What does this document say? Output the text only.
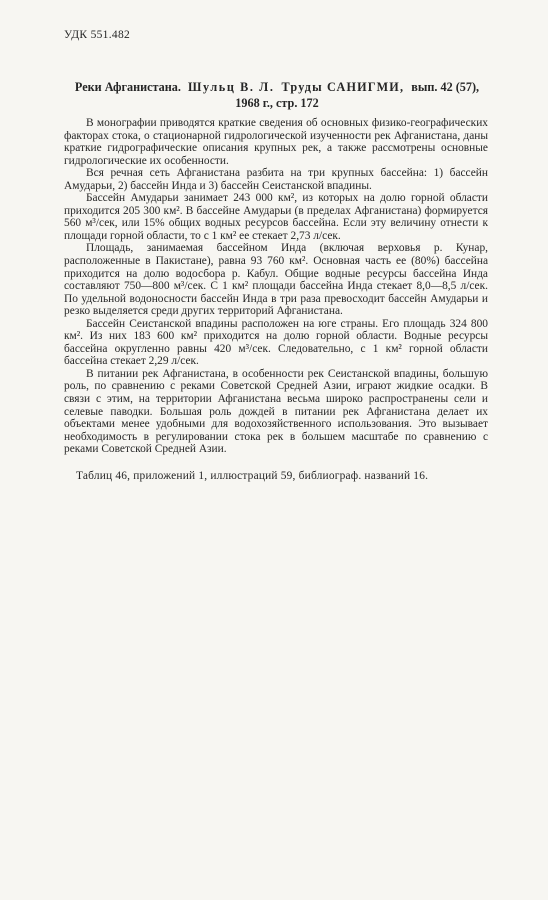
УДК 551.482
Реки Афганистана. Шульц В. Л. Труды САНИГМИ, вып. 42 (57),
1968 г., стр. 172

В монографии приводятся краткие сведения об основных физико-географических факторах стока, о стационарной гидрологической изученности рек Афганистана, даны краткие гидрографические описания крупных рек, а также рассмотрены основные гидрологические их особенности.

Вся речная сеть Афганистана разбита на три крупных бассейна: 1) бассейн Амударьи, 2) бассейн Инда и 3) бассейн Сеистанской впадины.

Бассейн Амударьи занимает 243 000 км², из которых на долю горной области приходится 205 300 км². В бассейне Амударьи (в пределах Афганистана) формируется 560 м³/сек, или 15% общих водных ресурсов бассейна. Если эту величину отнести к площади горной области, то с 1 км² ее стекает 2,73 л/сек.

Площадь, занимаемая бассейном Инда (включая верховья р. Кунар, расположенные в Пакистане), равна 93 760 км². Основная часть ее (80%) бассейна приходится на долю водосбора р. Кабул. Общие водные ресурсы бассейна Инда составляют 750—800 м³/сек. С 1 км² площади бассейна Инда стекает 8,0—8,5 л/сек. По удельной водоносности бассейн Инда в три раза превосходит бассейн Амударьи и резко выделяется среди других территорий Афганистана.

Бассейн Сеистанской впадины расположен на юге страны. Его площадь 324 800 км². Из них 183 600 км² приходится на долю горной области. Водные ресурсы бассейна округленно равны 420 м³/сек. Следовательно, с 1 км² горной области бассейна стекает 2,29 л/сек.

В питании рек Афганистана, в особенности рек Сеистанской впадины, большую роль, по сравнению с реками Советской Средней Азии, играют жидкие осадки. В связи с этим, на территории Афганистана весьма широко распространены сели и селевые паводки. Большая роль дождей в питании рек Афганистана делает их объектами менее удобными для водохозяйственного использования. Это вызывает необходимость в регулировании стока рек в большем масштабе по сравнению с реками Советской Средней Азии.

Таблиц 46, приложений 1, иллюстраций 59, библиограф. названий 16.
